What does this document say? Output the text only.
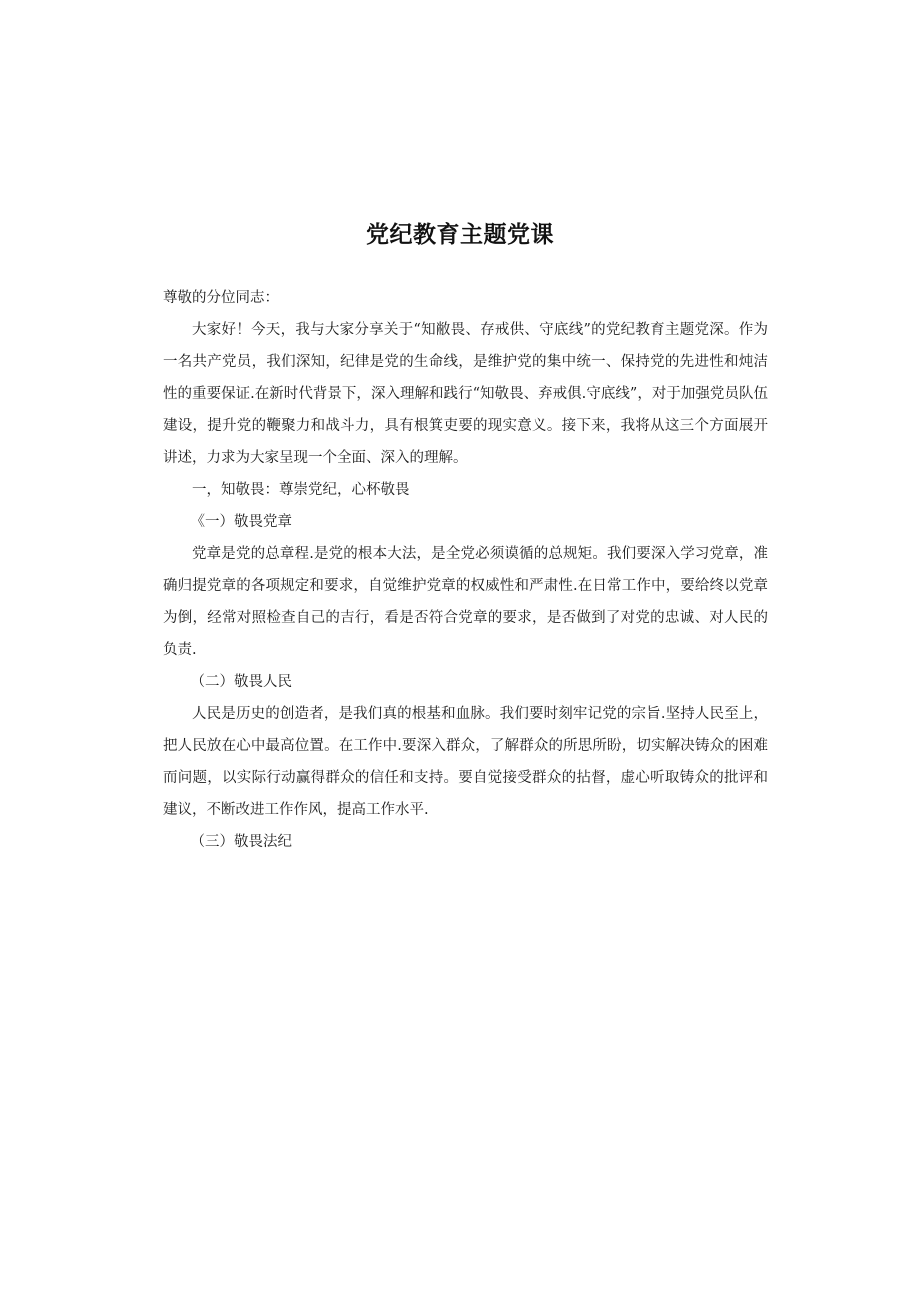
党纪教育主题党课

尊敬的分位同志：

大家好！今天，我与大家分享关于“知敝畏、存戒供、守底线”的党纪教育主题党深。作为一名共产党员，我们深知，纪律是党的生命线，是维护党的集中统一、保持党的先进性和炖洁性的重要保证.在新时代背景下，深入理解和践行“知敬畏、弃戒俱.守底线”，对于加强党员队伍建设，提升党的鞭聚力和战斗力，具有根箕吏要的现实意义。接下来，我将从这三个方面展开讲述，力求为大家呈现一个全面、深入的理解。

一，知敬畏：尊崇党纪，心杯敬畏

《一）敬畏党章

党章是党的总章程.是党的根本大法，是全党必须谟循的总规矩。我们要深入学习党章，准确归提党章的各项规定和要求，自觉维护党章的权威性和严肃性.在日常工作中，要给终以党章为倒，经常对照检查自己的吉行，看是否符合党章的要求，是否做到了对党的忠诚、对人民的负责.

（二）敬畏人民

人民是历史的创造者，是我们真的根基和血脉。我们要时刻牢记党的宗旨.坚持人民至上，把人民放在心中最高位置。在工作中.要深入群众，了解群众的所思所盼，切实解决铸众的困难而问题，以实际行动赢得群众的信任和支持。要自觉接受群众的拈督，虚心听取铸众的批评和建议，不断改进工作作风，提高工作水平.

（三）敬畏法纪
